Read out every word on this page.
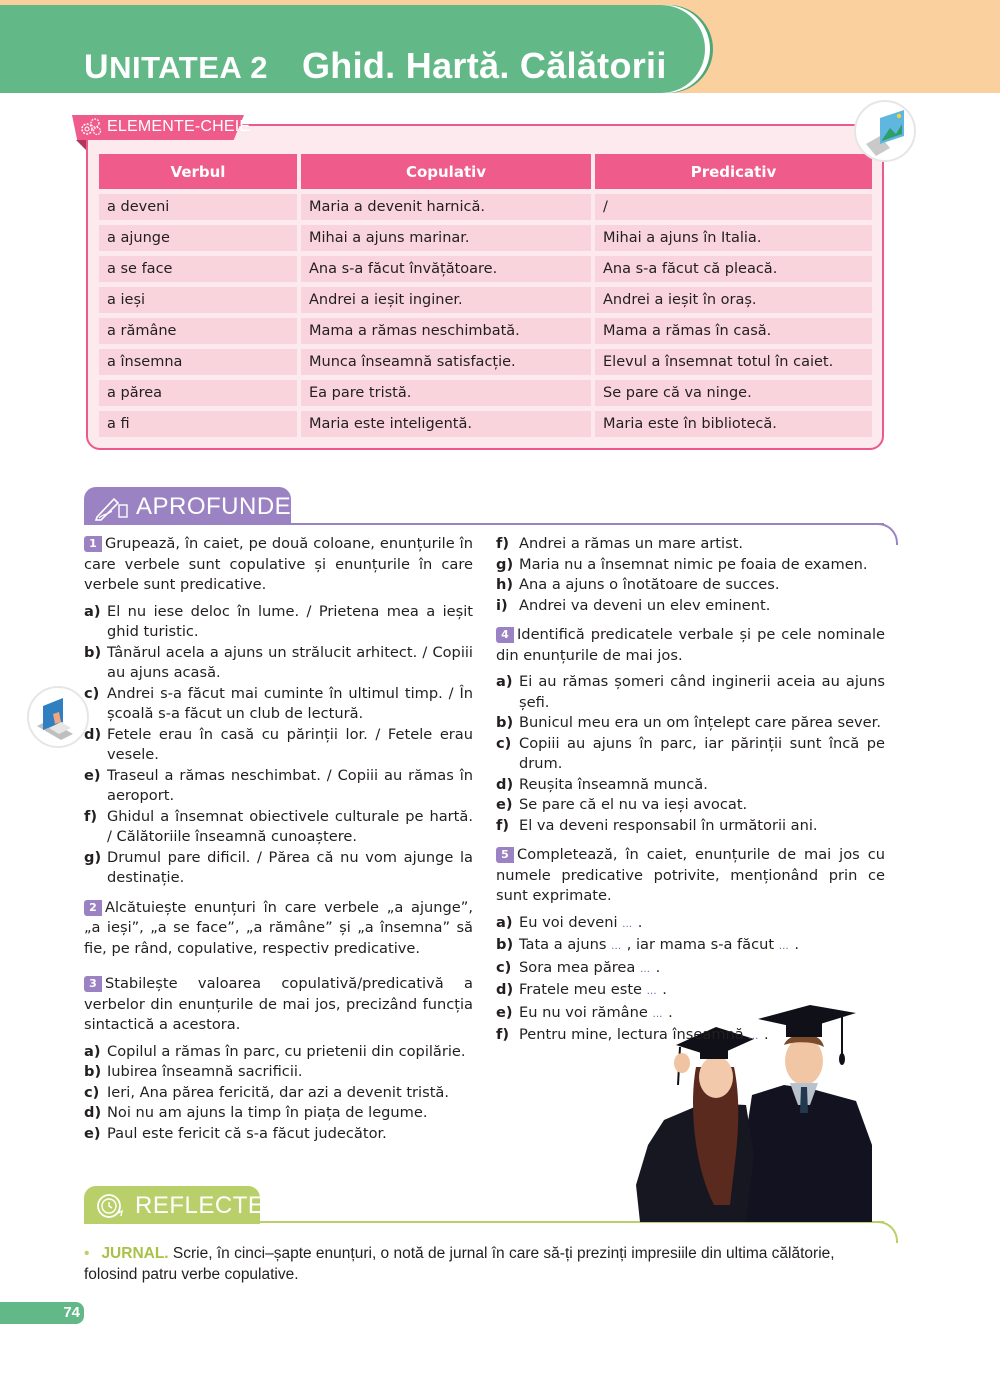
UNITATEA 2 Ghid. Hartă. Călătorii
ELEMENTE-CHEIE
Verbul	Copulativ	Predicativ
a deveni	Maria a devenit harnică.	/
a ajunge	Mihai a ajuns marinar.	Mihai a ajuns în Italia.
a se face	Ana s-a făcut învățătoare.	Ana s-a făcut că pleacă.
a ieși	Andrei a ieșit inginer.	Andrei a ieșit în oraș.
a rămâne	Mama a rămas neschimbată.	Mama a rămas în casă.
a însemna	Munca înseamnă satisfacție.	Elevul a însemnat totul în caiet.
a părea	Ea pare tristă.	Se pare că va ninge.
a fi	Maria este inteligentă.	Maria este în bibliotecă.
APROFUNDEZ
1 Grupează, în caiet, pe două coloane, enunțurile în care verbele sunt copulative și enunțurile în care verbele sunt predicative.
a) El nu iese deloc în lume. / Prietena mea a ieșit ghid turistic.
b) Tânărul acela a ajuns un strălucit arhitect. / Copiii au ajuns acasă.
c) Andrei s-a făcut mai cuminte în ultimul timp. / În școală s-a făcut un club de lectură.
d) Fetele erau în casă cu părinții lor. / Fetele erau vesele.
e) Traseul a rămas neschimbat. / Copiii au rămas în aeroport.
f) Ghidul a însemnat obiectivele culturale pe hartă. / Călătoriile înseamnă cunoaștere.
g) Drumul pare dificil. / Părea că nu vom ajunge la destinație.
2 Alcătuiește enunțuri în care verbele „a ajunge”, „a ieși”, „a se face”, „a rămâne” și „a însemna” să fie, pe rând, copulative, respectiv predicative.
3 Stabilește valoarea copulativă/predicativă a verbelor din enunțurile de mai jos, precizând funcția sintactică a acestora.
a) Copilul a rămas în parc, cu prietenii din copilărie.
b) Iubirea înseamnă sacrificii.
c) Ieri, Ana părea fericită, dar azi a devenit tristă.
d) Noi nu am ajuns la timp în piața de legume.
e) Paul este fericit că s-a făcut judecător.
f) Andrei a rămas un mare artist.
g) Maria nu a însemnat nimic pe foaia de examen.
h) Ana a ajuns o înotătoare de succes.
i) Andrei va deveni un elev eminent.
4 Identifică predicatele verbale și pe cele nominale din enunțurile de mai jos.
a) Ei au rămas șomeri când inginerii aceia au ajuns șefi.
b) Bunicul meu era un om înțelept care părea sever.
c) Copiii au ajuns în parc, iar părinții sunt încă pe drum.
d) Reușita înseamnă muncă.
e) Se pare că el nu va ieși avocat.
f) El va deveni responsabil în următorii ani.
5 Completează, în caiet, enunțurile de mai jos cu numele predicative potrivite, menționând prin ce sunt exprimate.
a) Eu voi deveni … .
b) Tata a ajuns … , iar mama s-a făcut … .
c) Sora mea părea … .
d) Fratele meu este … .
e) Eu nu voi rămâne … .
f) Pentru mine, lectura înseamnă … .
REFLECTEZ
• JURNAL. Scrie, în cinci–șapte enunțuri, o notă de jurnal în care să-ți prezinți impresiile din ultima călătorie, folosind patru verbe copulative.
74
